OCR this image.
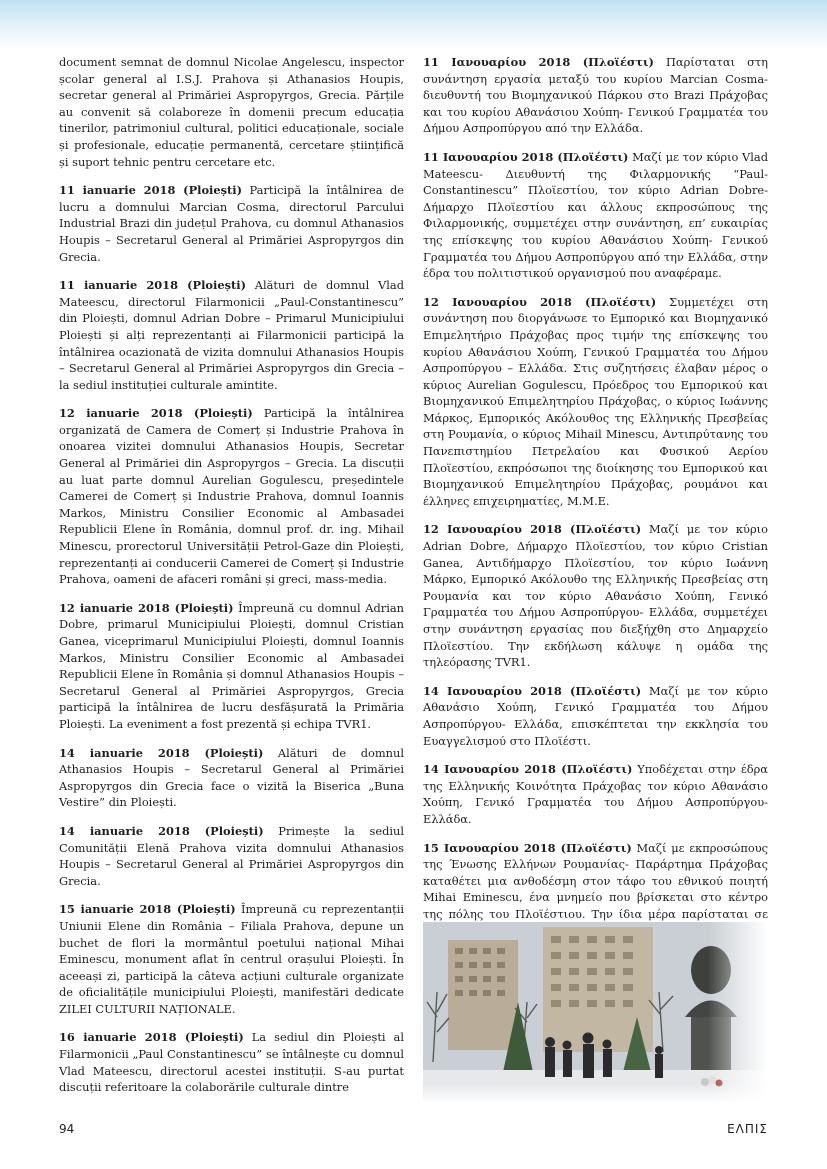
document semnat de domnul Nicolae Angelescu, inspector școlar general al I.S.J. Prahova și Athanasios Houpis, secretar general al Primăriei Aspropyrgos, Grecia. Părțile au convenit să colaboreze în domenii precum educația tinerilor, patrimoniul cultural, politici educaționale, sociale și profesionale, educație permanentă, cercetare științifică și suport tehnic pentru cercetare etc.

11 ianuarie 2018 (Ploiești) Participă la întâlnirea de lucru a domnului Marcian Cosma, directorul Parcului Industrial Brazi din județul Prahova, cu domnul Athanasios Houpis – Secretarul General al Primăriei Aspropyrgos din Grecia.

11 ianuarie 2018 (Ploiești) Alături de domnul Vlad Mateescu, directorul Filarmonicii „Paul-Constantinescu” din Ploiești, domnul Adrian Dobre – Primarul Municipiului Ploiești și alți reprezentanți ai Filarmonicii participă la întâlnirea ocazionată de vizita domnului Athanasios Houpis – Secretarul General al Primăriei Aspropyrgos din Grecia – la sediul instituției culturale amintite.

12 ianuarie 2018 (Ploiești) Participă la întâlnirea organizată de Camera de Comerț și Industrie Prahova în onoarea vizitei domnului Athanasios Houpis, Secretar General al Primăriei din Aspropyrgos – Grecia. La discuții au luat parte domnul Aurelian Gogulescu, președintele Camerei de Comerț și Industrie Prahova, domnul Ioannis Markos, Ministru Consilier Economic al Ambasadei Republicii Elene în România, domnul prof. dr. ing. Mihail Minescu, prorectorul Universității Petrol-Gaze din Ploiești, reprezentanți ai conducerii Camerei de Comerț și Industrie Prahova, oameni de afaceri români și greci, mass-media.

12 ianuarie 2018 (Ploiești) Împreună cu domnul Adrian Dobre, primarul Municipiului Ploiești, domnul Cristian Ganea, viceprimarul Municipiului Ploiești, domnul Ioannis Markos, Ministru Consilier Economic al Ambasadei Republicii Elene în România și domnul Athanasios Houpis – Secretarul General al Primăriei Aspropyrgos, Grecia participă la întâlnirea de lucru desfășurată la Primăria Ploiești. La eveniment a fost prezentă și echipa TVR1.

14 ianuarie 2018 (Ploiești) Alături de domnul Athanasios Houpis – Secretarul General al Primăriei Aspropyrgos din Grecia face o vizită la Biserica „Buna Vestire” din Ploiești.

14 ianuarie 2018 (Ploiești) Primește la sediul Comunității Elenă Prahova vizita domnului Athanasios Houpis – Secretarul General al Primăriei Aspropyrgos din Grecia.

15 ianuarie 2018 (Ploiești) Împreună cu reprezentanții Uniunii Elene din România – Filiala Prahova, depune un buchet de flori la mormântul poetului național Mihai Eminescu, monument aflat în centrul orașului Ploiești. În aceeași zi, participă la câteva acțiuni culturale organizate de oficialitățile municipiului Ploiești, manifestări dedicate ZILEI CULTURII NAȚIONALE.

16 ianuarie 2018 (Ploiești) La sediul din Ploiești al Filarmonicii „Paul Constantinescu” se întâlnește cu domnul Vlad Mateescu, directorul acestei instituții. S-au purtat discuții referitoare la colaborările culturale dintre

11 Ιανουαρίου 2018 (Πλοϊέστι) Παρίσταται στη συνάντηση εργασία μεταξύ του κυρίου Marcian Cosma- διευθυντή του Βιομηχανικού Πάρκου στο Brazi Πράχοβας και του κυρίου Αθανάσιου Χούπη- Γενικού Γραμματέα του Δήμου Ασπροπύργου από την Ελλάδα.

11 Ιανουαρίου 2018 (Πλοϊέστι) Μαζί με τον κύριο Vlad Mateescu- Διευθυντή της Φιλαρμονικής “Paul-Constantinescu” Πλοϊεστίου, τον κύριο Adrian Dobre- Δήμαρχο Πλοϊεστίου και άλλους εκπροσώπους της Φιλαρμονικής, συμμετέχει στην συνάντηση, επ’ ευκαιρίας της επίσκεψης του κυρίου Αθανάσιου Χούπη- Γενικού Γραμματέα του Δήμου Ασπροπύργου από την Ελλάδα, στην έδρα του πολιτιστικού οργανισμού που αναφέραμε.

12 Ιανουαρίου 2018 (Πλοϊέστι) Συμμετέχει στη συνάντηση που διοργάνωσε το Εμπορικό και Βιομηχανικό Επιμελητήριο Πράχοβας προς τιμήν της επίσκεψης του κυρίου Αθανάσιου Χούπη, Γενικού Γραμματέα του Δήμου Ασπροπύργου – Ελλάδα. Στις συζητήσεις έλαβαν μέρος ο κύριος Aurelian Gogulescu, Πρόεδρος του Εμπορικού και Βιομηχανικού Επιμελητηρίου Πράχοβας, ο κύριος Ιωάννης Μάρκος, Εμπορικός Ακόλουθος της Ελληνικής Πρεσβείας στη Ρουμανία, ο κύριος Mihail Minescu, Αντιπρύτανης του Πανεπιστημίου Πετρελαίου και Φυσικού Αερίου Πλοϊεστίου, εκπρόσωποι της διοίκησης του Εμπορικού και Βιομηχανικού Επιμελητηρίου Πράχοβας, ρουμάνοι και έλληνες επιχειρηματίες, Μ.Μ.Ε.

12 Ιανουαρίου 2018 (Πλοϊέστι) Μαζί με τον κύριο Adrian Dobre, Δήμαρχο Πλοϊεστίου, τον κύριο Cristian Ganea, Αντιδήμαρχο Πλοϊεστίου, τον κύριο Ιωάννη Μάρκο, Εμπορικό Ακόλουθο της Ελληνικής Πρεσβείας στη Ρουμανία και τον κύριο Αθανάσιο Χούπη, Γενικό Γραμματέα του Δήμου Ασπροπύργου- Ελλάδα, συμμετέχει στην συνάντηση εργασίας που διεξήχθη στο Δημαρχείο Πλοϊεστίου. Την εκδήλωση κάλυψε η ομάδα της τηλεόρασης TVR1.

14 Ιανουαρίου 2018 (Πλοϊέστι) Μαζί με τον κύριο Αθανάσιο Χούπη, Γενικό Γραμματέα του Δήμου Ασπροπύργου- Ελλάδα, επισκέπτεται την εκκλησία του Ευαγγελισμού στο Πλοϊέστι.

14 Ιανουαρίου 2018 (Πλοϊέστι) Υποδέχεται στην έδρα της Ελληνικής Κοινότητα Πράχοβας τον κύριο Αθανάσιο Χούπη, Γενικό Γραμματέα του Δήμου Ασπροπύργου- Ελλάδα.

15 Ιανουαρίου 2018 (Πλοϊέστι) Μαζί με εκπροσώπους της Ένωσης Ελλήνων Ρουμανίας- Παράρτημα Πράχοβας καταθέτει μια ανθοδέσμη στον τάφο του εθνικού ποιητή Mihai Eminescu, ένα μνημείο που βρίσκεται στο κέντρο της πόλης του Πλοϊέστιου. Την ίδια μέρα παρίσταται σε

94	ΕΛΠΙΣ
